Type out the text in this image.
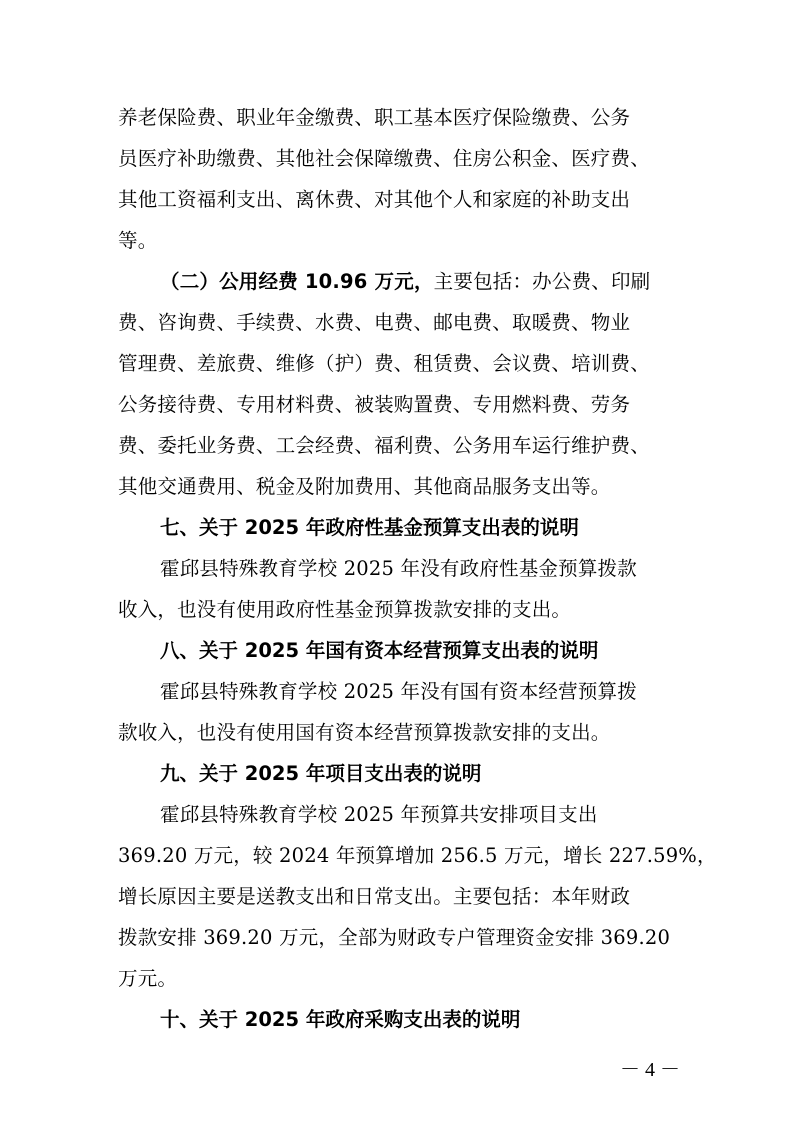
养老保险费、职业年金缴费、职工基本医疗保险缴费、公务
员医疗补助缴费、其他社会保障缴费、住房公积金、医疗费、
其他工资福利支出、离休费、对其他个人和家庭的补助支出
等。
（二）公用经费 10.96 万元，主要包括：办公费、印刷
费、咨询费、手续费、水费、电费、邮电费、取暖费、物业
管理费、差旅费、维修（护）费、租赁费、会议费、培训费、
公务接待费、专用材料费、被装购置费、专用燃料费、劳务
费、委托业务费、工会经费、福利费、公务用车运行维护费、
其他交通费用、税金及附加费用、其他商品服务支出等。
七、关于 2025 年政府性基金预算支出表的说明
霍邱县特殊教育学校 2025 年没有政府性基金预算拨款
收入，也没有使用政府性基金预算拨款安排的支出。
八、关于 2025 年国有资本经营预算支出表的说明
霍邱县特殊教育学校 2025 年没有国有资本经营预算拨
款收入，也没有使用国有资本经营预算拨款安排的支出。
九、关于 2025 年项目支出表的说明
霍邱县特殊教育学校 2025 年预算共安排项目支出
369.20 万元，较 2024 年预算增加 256.5 万元，增长 227.59%，
增长原因主要是送教支出和日常支出。主要包括：本年财政
拨款安排 369.20 万元，全部为财政专户管理资金安排 369.20
万元。
十、关于 2025 年政府采购支出表的说明
－ 4 －
